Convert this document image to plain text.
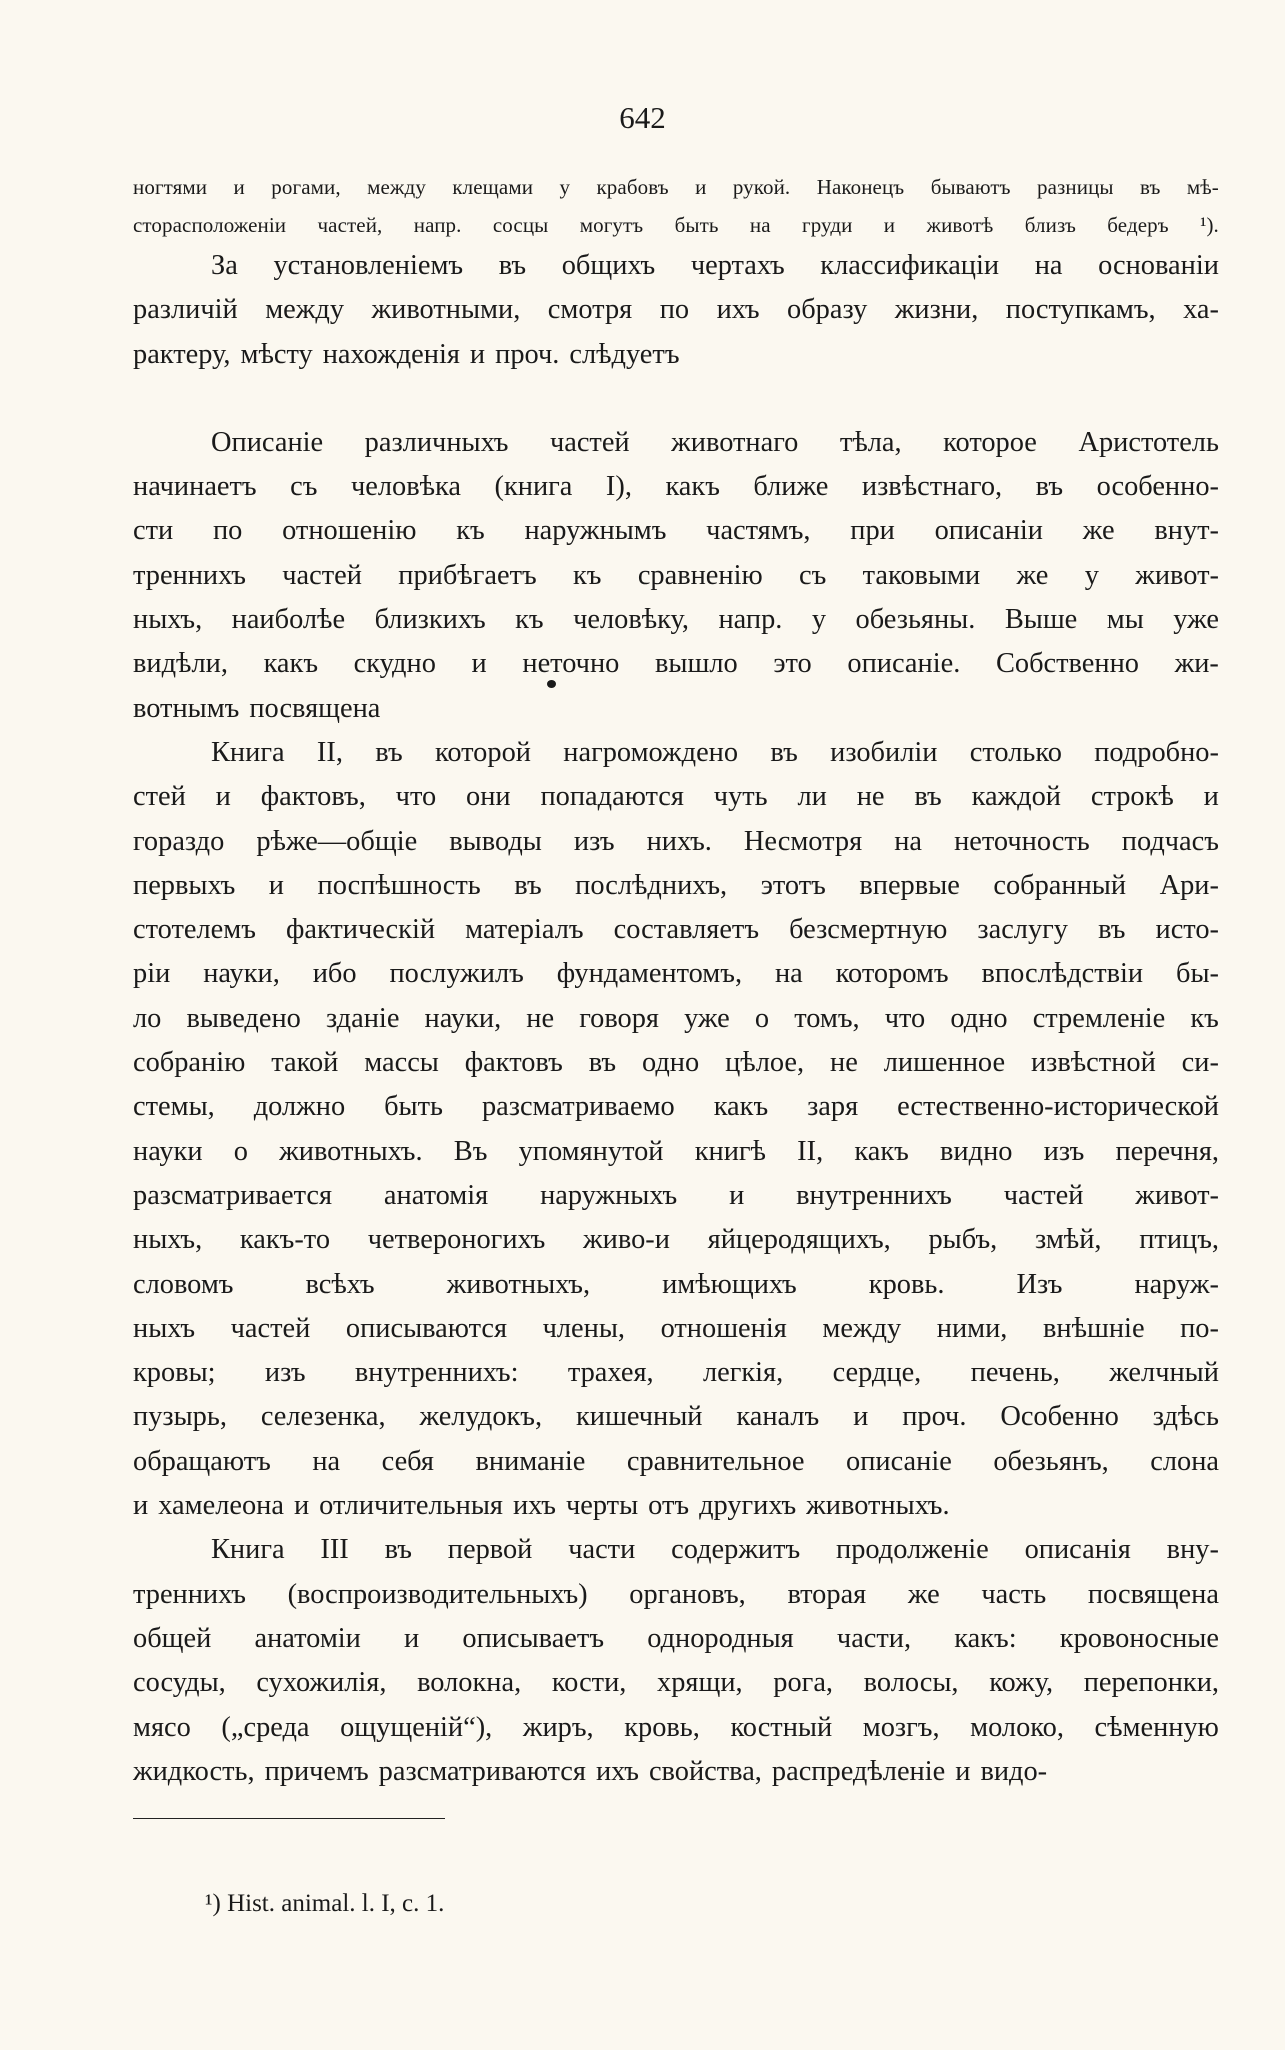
642
ногтями и рогами, между клещами у крабовъ и рукой. Наконецъ бываютъ разницы въ мѣ-
сторасположеніи частей, напр. сосцы могутъ быть на груди и животѣ близъ бедеръ ¹).
За установленіемъ въ общихъ чертахъ классификаціи на основаніи
различій между животными, смотря по ихъ образу жизни, поступкамъ, ха-
рактеру, мѣсту нахожденія и проч. слѣдуетъ
Описаніе различныхъ частей животнаго тѣла, которое Аристотель
начинаетъ съ человѣка (книга I), какъ ближе извѣстнаго, въ особенно-
сти по отношенію къ наружнымъ частямъ, при описаніи же внут-
треннихъ частей прибѣгаетъ къ сравненію съ таковыми же у живот-
ныхъ, наиболѣе близкихъ къ человѣку, напр. у обезьяны. Выше мы уже
видѣли, какъ скудно и неточно вышло это описаніе. Собственно жи-
вотнымъ посвящена
Книга II, въ которой нагромождено въ изобиліи столько подробно-
стей и фактовъ, что они попадаются чуть ли не въ каждой строкѣ и
гораздо рѣже—общіе выводы изъ нихъ. Несмотря на неточность подчасъ
первыхъ и поспѣшность въ послѣднихъ, этотъ впервые собранный Ари-
стотелемъ фактическій матеріалъ составляетъ безсмертную заслугу въ исто-
ріи науки, ибо послужилъ фундаментомъ, на которомъ впослѣдствіи бы-
ло выведено зданіе науки, не говоря уже о томъ, что одно стремленіе къ
собранію такой массы фактовъ въ одно цѣлое, не лишенное извѣстной си-
стемы, должно быть разсматриваемо какъ заря естественно-исторической
науки о животныхъ. Въ упомянутой книгѣ II, какъ видно изъ перечня,
разсматривается анатомія наружныхъ и внутреннихъ частей живот-
ныхъ, какъ-то четвероногихъ живо-и яйцеродящихъ, рыбъ, змѣй, птицъ,
словомъ	всѣхъ	животныхъ,	имѣющихъ	кровь.	Изъ	наруж-
ныхъ частей описываются члены, отношенія между ними, внѣшніе по-
кровы; изъ внутреннихъ: трахея, легкія, сердце, печень, желчный
пузырь, селезенка, желудокъ, кишечный каналъ и проч. Особенно здѣсь
обращаютъ на себя вниманіе сравнительное описаніе обезьянъ, слона
и хамелеона и отличительныя ихъ черты отъ другихъ животныхъ.
Книга III въ первой части содержитъ продолженіе описанія вну-
треннихъ (воспроизводительныхъ) органовъ, вторая же часть посвящена
общей анатоміи и описываетъ однородныя части, какъ: кровоносные
сосуды, сухожилія, волокна, кости, хрящи, рога, волосы, кожу, перепонки,
мясо („среда ощущеній“), жиръ, кровь, костный мозгъ, молоко, сѣменную
жидкость, причемъ разсматриваются ихъ свойства, распредѣленіе и видо-
¹) Hist. animal. l. I, c. 1.
